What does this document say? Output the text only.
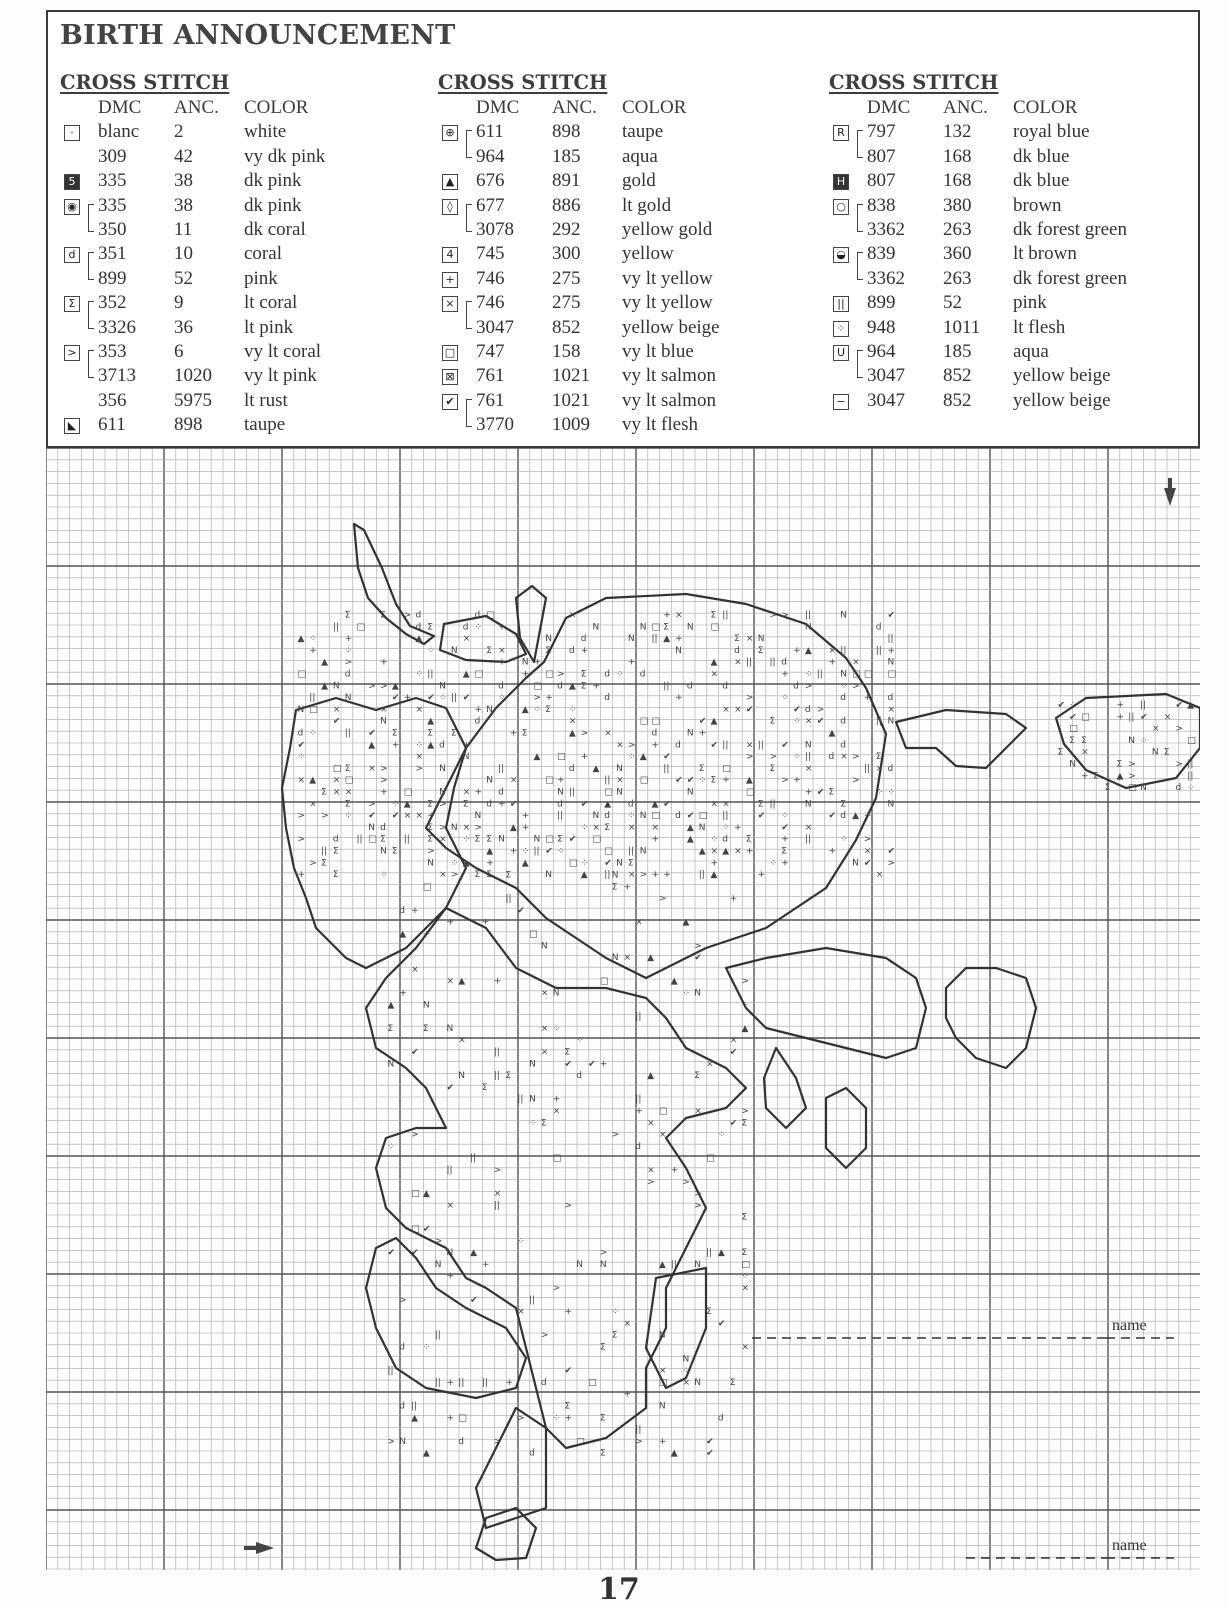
BIRTH ANNOUNCEMENT
CROSS STITCH
DMC ANC. COLOR
·	blanc 2	white
309	42	vy dk pink
5 335	38	dk pink
◉ 335	38	dk pink
350	11	dk coral
d 351	10	coral
899	52	pink
Σ 352	9	lt coral
3326 36	lt pink
> 353	6	vy lt coral
3713 1020 vy lt pink
356	5975 lt rust
◣ 611	898 taupe
CROSS STITCH
DMC ANC. COLOR
⊕ 611	898 taupe
964	185 aqua
▲ 676	891 gold
◊ 677	886 lt gold
3078 292 yellow gold
4 745	300 yellow
+ 746	275 vy lt yellow
× 746	275 vy lt yellow
3047 852 yellow beige
□ 747	158 vy lt blue
⊠ 761	1021 vy lt salmon
✔ 761	1021 vy lt salmon
3770 1009 vy lt flesh
CROSS STITCH
DMC ANC. COLOR
R 797	132 royal blue
807	168 dk blue
H 807	168 dk blue
○ 838	380 brown
3362 263 dk forest green
◒ 839	360 lt brown
3362 263 dk forest green
|| 899	52	pink
⁘ 948	1011 lt flesh
U 964	185 aqua
3047 852 yellow beige
− 3047 852 yellow beige
▲
□
N
d
✔
⁘
×
>
>
+
⁘
+
||
□
⁘
▲
×
>
▲
▲
Σ
>
||
Σ
||
N
×
✔
□
×
×
d
Σ
Σ
Σ
+
⁘
>
d
N
||
Σ
□
×
Σ
⁘
□
||
>
✔
▲
×
>
✔
N
□
Σ
+
>
×
N
>
>
+
d
Σ
N
⁘
▲
✔
Σ
+
⁘
✔
Σ
>
+
□
▲
×
||
d
d
▲
⁘
×
⁘
×
>
×
Σ
⁘
||
✔
▲
Σ
▲
Σ
+
Σ
Σ
>
N
N
⁘
d
N
N
>
>
×
×
N
||
Σ
N
⁘
>
d
×
▲
✔
+
N
×
Σ
×
⁘
▲
d
⁘
□
+
d
+
N
>
Σ
Σ
□
Σ
N
N
d
Σ
▲
+
Σ
+
×
+
d
⁘
||
d
+
N
+
×
✔
▲
+
N
+
▲
Σ
+
+
⁘
▲
+
□
>
⁘
▲
N
||
N
Σ
□
+
Σ
□
□
✔
N
>
d
□
+
N
d
||
Σ
⁘
×
d
▲
⁘
×
▲
d
||
✔
□
d
+
Σ
Σ
>
+
✔
⁘
⁘
▲
N
+
▲
N
×
□
d
d
×
||
□
▲
d
Σ
□
✔
||
⁘
×
N
×
N
N
N
+
>
⁘
d
⁘
×
||
Σ
×
N
d
□
▲
□
N
N
>
□
||
□
d
+
▲
□
×
+
+
+
Σ
▲
||
✔
||
✔
+
×
+
N
+
d
✔
d
N
d
N
✔
N
✔
▲
▲
✔
+
Σ
⁘
□
N
▲
||
Σ
□
▲
×
▲
✔
Σ
×
⁘
×
+
▲
||
d
×
||
□
+
×
||
⁘
d
▲
Σ
d
×
×
+
×
×
||
>
✔
×
>
▲
□
Σ
+
N
Σ
||
Σ
✔
+
>
||
Σ
>
Σ
||
⁘
>
d
+
⁘
✔
>
⁘
✔
+
Σ
+
+
d
✔
⁘
⁘
+
||
N
▲
⁘
>
d
×
N
||
×
+
N
×
||
||
>
✔
✔
×
+
▲
d
Σ
✔
+
N
||
N
⁘
d
d
d
×
Σ
d
⁘
×
□
>
>
>
▲
N
□
+
||
+
>
×
✔
d
||
||
Σ
×
⁘
×
✔
||
+
N
□
d
×
N
d
⁘
N
✔
>
▲
Σ
N
⁘
✔
||
>
d
▲
+
>
d
d
N
+
×
✔
>
□
□
✔
||
▲
□
⁘
N
Σ
▲
✔
⁘
▲
>
N
||
||
+
×
N
✔
||
×
N
+
+
+
▲
×
N
||
□
d
||
▲
✔
+
Σ
+
||
+
||
||
>
×
||
>
Σ
||
Σ
+
✔
||
⁘
×
>
□
N
N
⁘
||
d
N
×
×
×
Σ
>
d
N
⁘
+
×
□
>
⁘
Σ
✔
>
+
✔
Σ
+
⁘
d
N
□
✔
□
□
+
>
N
Σ
Σ
Σ
N
Σ
N
>
⁘
Σ
+
×
×
+
×
||
||
+
d
||
>
▲
▲
×
×
>
>
□
×
▲
N
×
□
N
+
▲
+
||
▲
▲
⁘
>
N
⁘
×
>
✔
N
Σ
×
>
>
N
N
×
□
||
Σ
✔
✔
⁘
▲
✔
d
+
×
✔
✔
Σ
>
⁘
▲
>
Σ
Σ
Σ
□
⁘
×
×
✔
Σ
⁘
✔
□
Σ
N
□
Σ
×
+ Σ
Σ
+
+
Σ
▲
||
N
>
>
□
||
✔
⁘
N
×
N
×
Σ
✔
>
>
d
▲
□
||
||
⁘
name
name
17
